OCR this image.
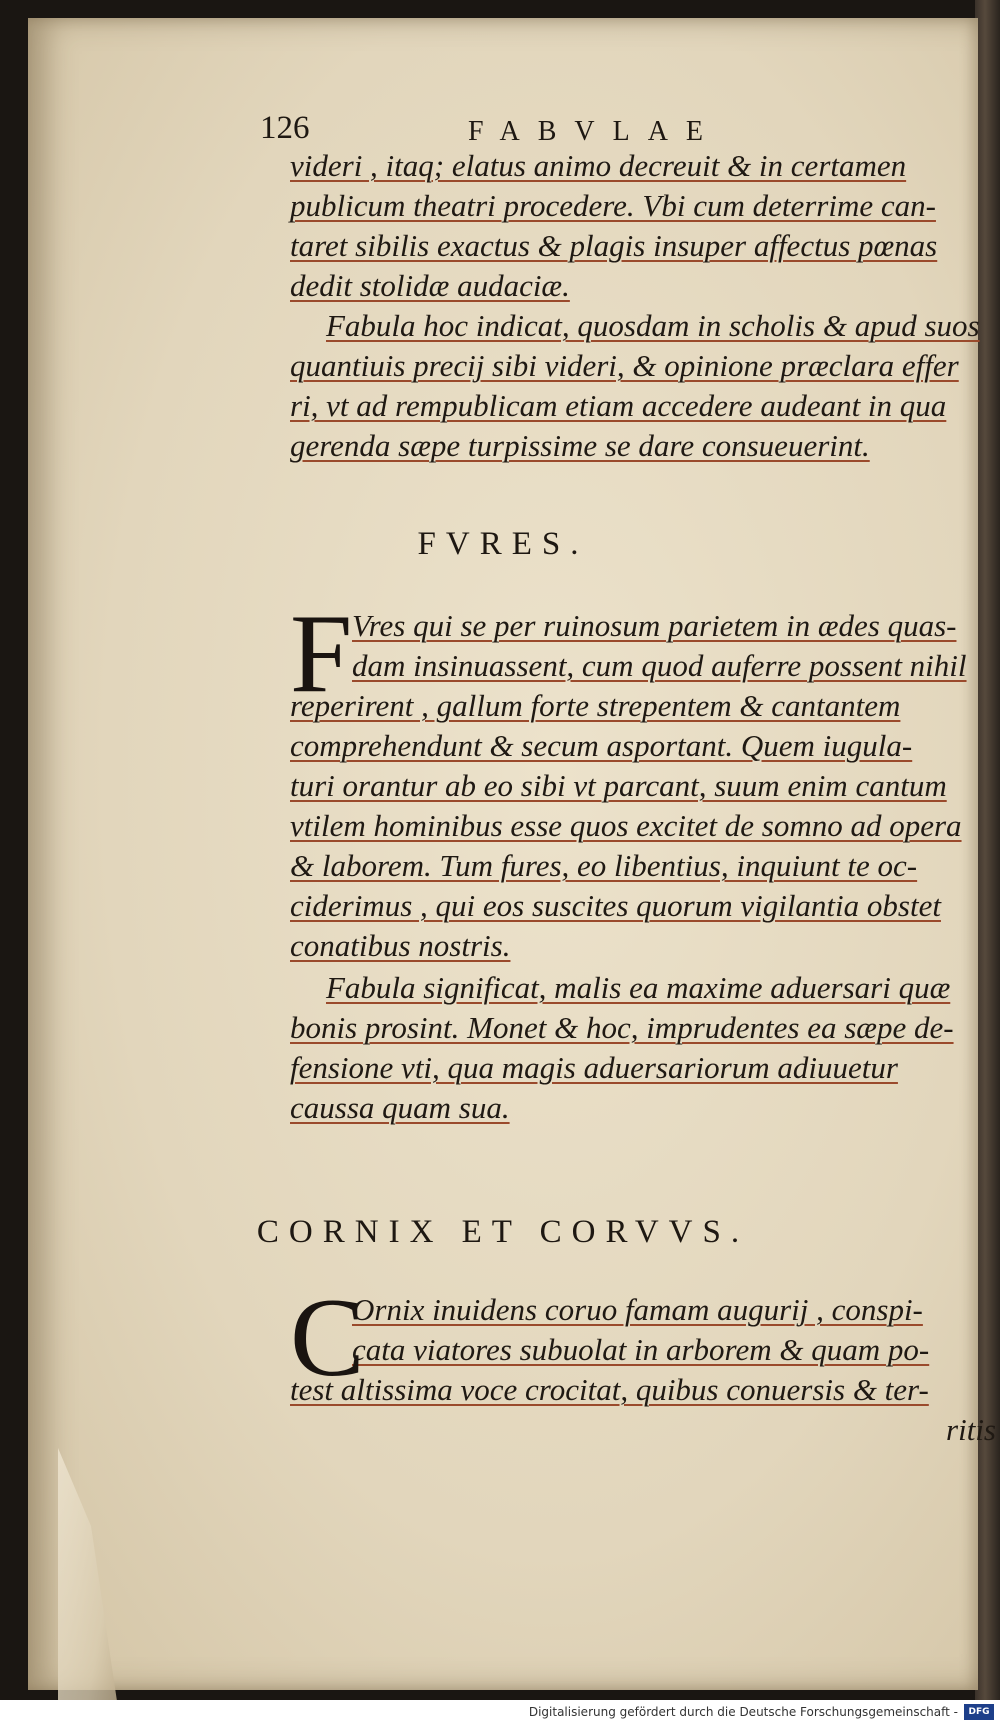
126	FABVLAE

videri , itaq; elatus animo decreuit & in certamen
publicum theatri procedere. Vbi cum deterrime can-
taret sibilis exactus & plagis insuper affectus pœnas
dedit stolidæ audaciæ.

Fabula hoc indicat, quosdam in scholis & apud suos

quantiuis precij sibi videri, & opinione præclara effer
ri, vt ad rempublicam etiam accedere audeant in qua
gerenda sæpe turpissime se dare consueuerint.

FVRES.
F Vres qui se per ruinosum parietem in ædes quas-
dam insinuassent, cum quod auferre possent nihil
reperirent , gallum forte strepentem & cantantem
comprehendunt & secum asportant. Quem iugula-
turi orantur ab eo sibi vt parcant, suum enim cantum
vtilem hominibus esse quos excitet de somno ad opera
& laborem. Tum fures, eo libentius, inquiunt te oc-
ciderimus , qui eos suscites quorum vigilantia obstet
conatibus nostris.

Fabula significat, malis ea maxime aduersari quæ

bonis prosint. Monet & hoc, imprudentes ea sæpe de-
fensione vti, qua magis aduersariorum adiuuetur
caussa quam sua.

CORNIX ET CORVVS.
C
Ornix inuidens coruo famam augurij , conspi-
cata viatores subuolat in arborem & quam po-
test altissima voce crocitat, quibus conuersis & ter-
ritis
Digitalisierung gefördert durch die Deutsche Forschungsgemeinschaft -	DFG
